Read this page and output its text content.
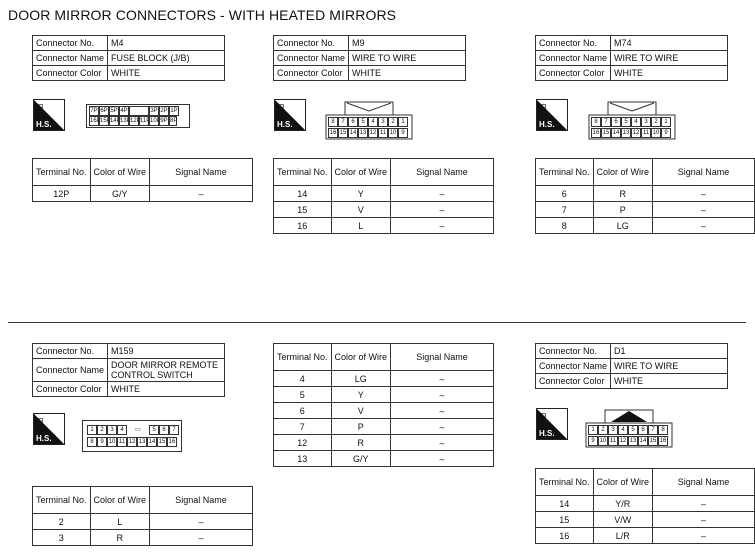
DOOR MIRROR CONNECTORS - WITH HEATED MIRRORS
Connector No.	M4
Connector Name	FUSE BLOCK (J/B)
Connector Color	WHITE
⊞
H.S.
7P 6P 5P 4P	3P 2P 1P
16P 15P 14P 13P 12P 11P 10P 9P 8P
Terminal No.	Color of Wire	Signal Name
12P	G/Y	–
Connector No.	M9
Connector Name	WIRE TO WIRE
Connector Color	WHITE
⊞
H.S.	8	7	6	5	4	3	2	1
16 15 14 13 12 11 10 9
Terminal No.	Color of Wire	Signal Name
14	Y	–
15	V	–
16	L	–
Connector No.	M74
Connector Name	WIRE TO WIRE
Connector Color	WHITE
⊞
H.S.	8	7	6	5	4	3	2	1
16 15 14 13 12 11 10 9
Terminal No.	Color of Wire	Signal Name
6	R	–
7	P	–
8	LG	–
Connector No.	M159
Connector Name	DOOR MIRROR REMOTE CONTROL SWITCH
Connector Color	WHITE
⊞
H.S.
1	2	3	4	▭	5	6	7
8	9 10 11 12 13 14 15 16
Terminal No.	Color of Wire	Signal Name
2	L	–
3	R	–
Terminal No.	Color of Wire	Signal Name
4	LG	–
5	Y	–
6	V	–
7	P	–
12	R	–
13	G/Y	–
Connector No.	D1
Connector Name	WIRE TO WIRE
Connector Color	WHITE
⊞
H.S.	1	2	3	4	5	6	7	8
9 10 11 12 13 14 15 16
Terminal No.	Color of Wire	Signal Name
14	Y/R	–
15	V/W	–
16	L/R	–
